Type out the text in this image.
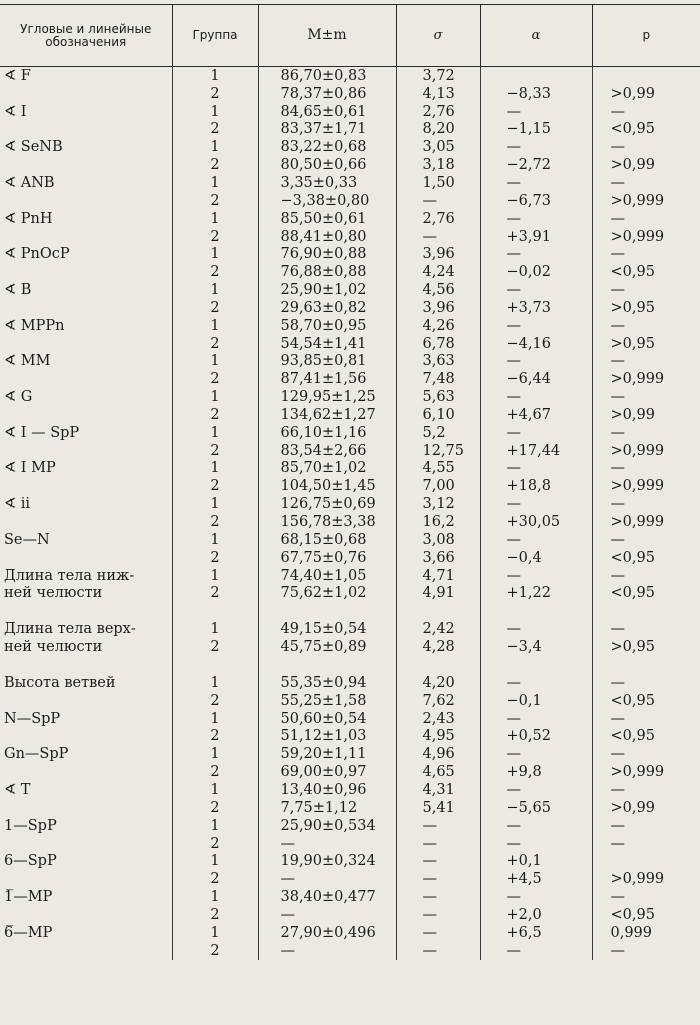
Угловые и линейные обозначения	Группа	M±m	σ	α	p
∢ F	1	86,70±0,83	3,72		
	2	78,37±0,86	4,13	−8,33	>0,99
∢ I	1	84,65±0,61	2,76	—	—
	2	83,37±1,71	8,20	−1,15	<0,95
∢ SeNB	1	83,22±0,68	3,05	—	—
	2	80,50±0,66	3,18	−2,72	>0,99
∢ ANB	1	3,35±0,33	1,50	—	—
	2	−3,38±0,80	—	−6,73	>0,999
∢ PnH	1	85,50±0,61	2,76	—	—
	2	88,41±0,80	—	+3,91	>0,999
∢ PnOcP	1	76,90±0,88	3,96	—	—
	2	76,88±0,88	4,24	−0,02	<0,95
∢ B	1	25,90±1,02	4,56	—	—
	2	29,63±0,82	3,96	+3,73	>0,95
∢ MPPn	1	58,70±0,95	4,26	—	—
	2	54,54±1,41	6,78	−4,16	>0,95
∢ MM	1	93,85±0,81	3,63	—	—
	2	87,41±1,56	7,48	−6,44	>0,999
∢ G	1	129,95±1,25	5,63	—	—
	2	134,62±1,27	6,10	+4,67	>0,99
∢ I — SpP	1	66,10±1,16	5,2	—	—
	2	83,54±2,66	12,75	+17,44	>0,999
∢ I MP	1	85,70±1,02	4,55	—	—
	2	104,50±1,45	7,00	+18,8	>0,999
∢ ii	1	126,75±0,69	3,12	—	—
	2	156,78±3,38	16,2	+30,05	>0,999
Se—N	1	68,15±0,68	3,08	—	—
	2	67,75±0,76	3,66	−0,4	<0,95
Длина тела ниж-	1	74,40±1,05	4,71	—	—
ней челюсти	2	75,62±1,02	4,91	+1,22	<0,95

Длина тела верх-	1	49,15±0,54	2,42	—	—
ней челюсти	2	45,75±0,89	4,28	−3,4	>0,95

Высота ветвей	1	55,35±0,94	4,20	—	—
	2	55,25±1,58	7,62	−0,1	<0,95
N—SpP	1	50,60±0,54	2,43	—	—
	2	51,12±1,03	4,95	+0,52	<0,95
Gn—SpP	1	59,20±1,11	4,96	—	—
	2	69,00±0,97	4,65	+9,8	>0,999
∢ T	1	13,40±0,96	4,31	—	—
	2	7,75±1,12	5,41	−5,65	>0,99
1—SpP	1	25,90±0,534	—	—	—
	2	—	—	—	—
6—SpP	1	19,90±0,324	—	+0,1	
	2	—	—	+4,5	>0,999
1̅—MP	1	38,40±0,477	—	—	—
	2	—	—	+2,0	<0,95
6̅—MP	1	27,90±0,496	—	+6,5	0,999
	2	—	—	—	—
